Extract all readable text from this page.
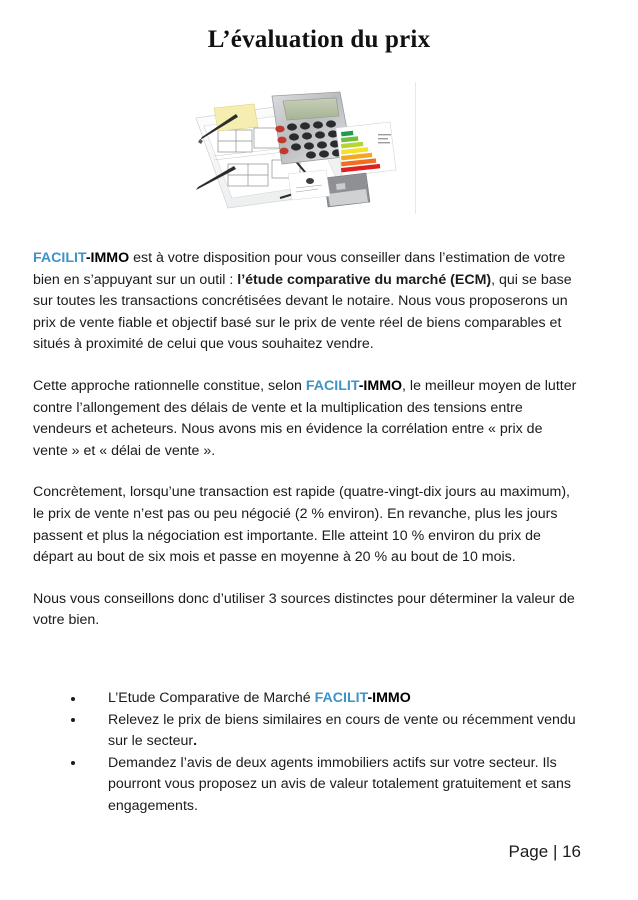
L’évaluation du prix

FACILIT-IMMO est à votre disposition pour vous conseiller dans l’estimation de votre bien en s’appuyant sur un outil : l’étude comparative du marché (ECM), qui se base sur toutes les transactions concrétisées devant le notaire. Nous vous proposerons un prix de vente fiable et objectif basé sur le prix de vente réel de biens comparables et situés à proximité de celui que vous souhaitez vendre.

Cette approche rationnelle constitue, selon FACILIT-IMMO, le meilleur moyen de lutter contre l’allongement des délais de vente et la multiplication des tensions entre vendeurs et acheteurs. Nous avons mis en évidence la corrélation entre « prix de vente » et « délai de vente ».

Concrètement, lorsqu’une transaction est rapide (quatre-vingt-dix jours au maximum), le prix de vente n’est pas ou peu négocié (2 % environ). En revanche, plus les jours passent et plus la négociation est importante. Elle atteint 10 % environ du prix de départ au bout de six mois et passe en moyenne à 20 % au bout de 10 mois.

Nous vous conseillons donc d’utiliser 3 sources distinctes pour déterminer la valeur de votre bien.

L’Etude Comparative de Marché FACILIT-IMMO
Relevez le prix de biens similaires en cours de vente ou récemment vendu sur le secteur.
Demandez l’avis de deux agents immobiliers actifs sur votre secteur. Ils pourront vous proposez un avis de valeur totalement gratuitement et sans engagements.
Page | 16
